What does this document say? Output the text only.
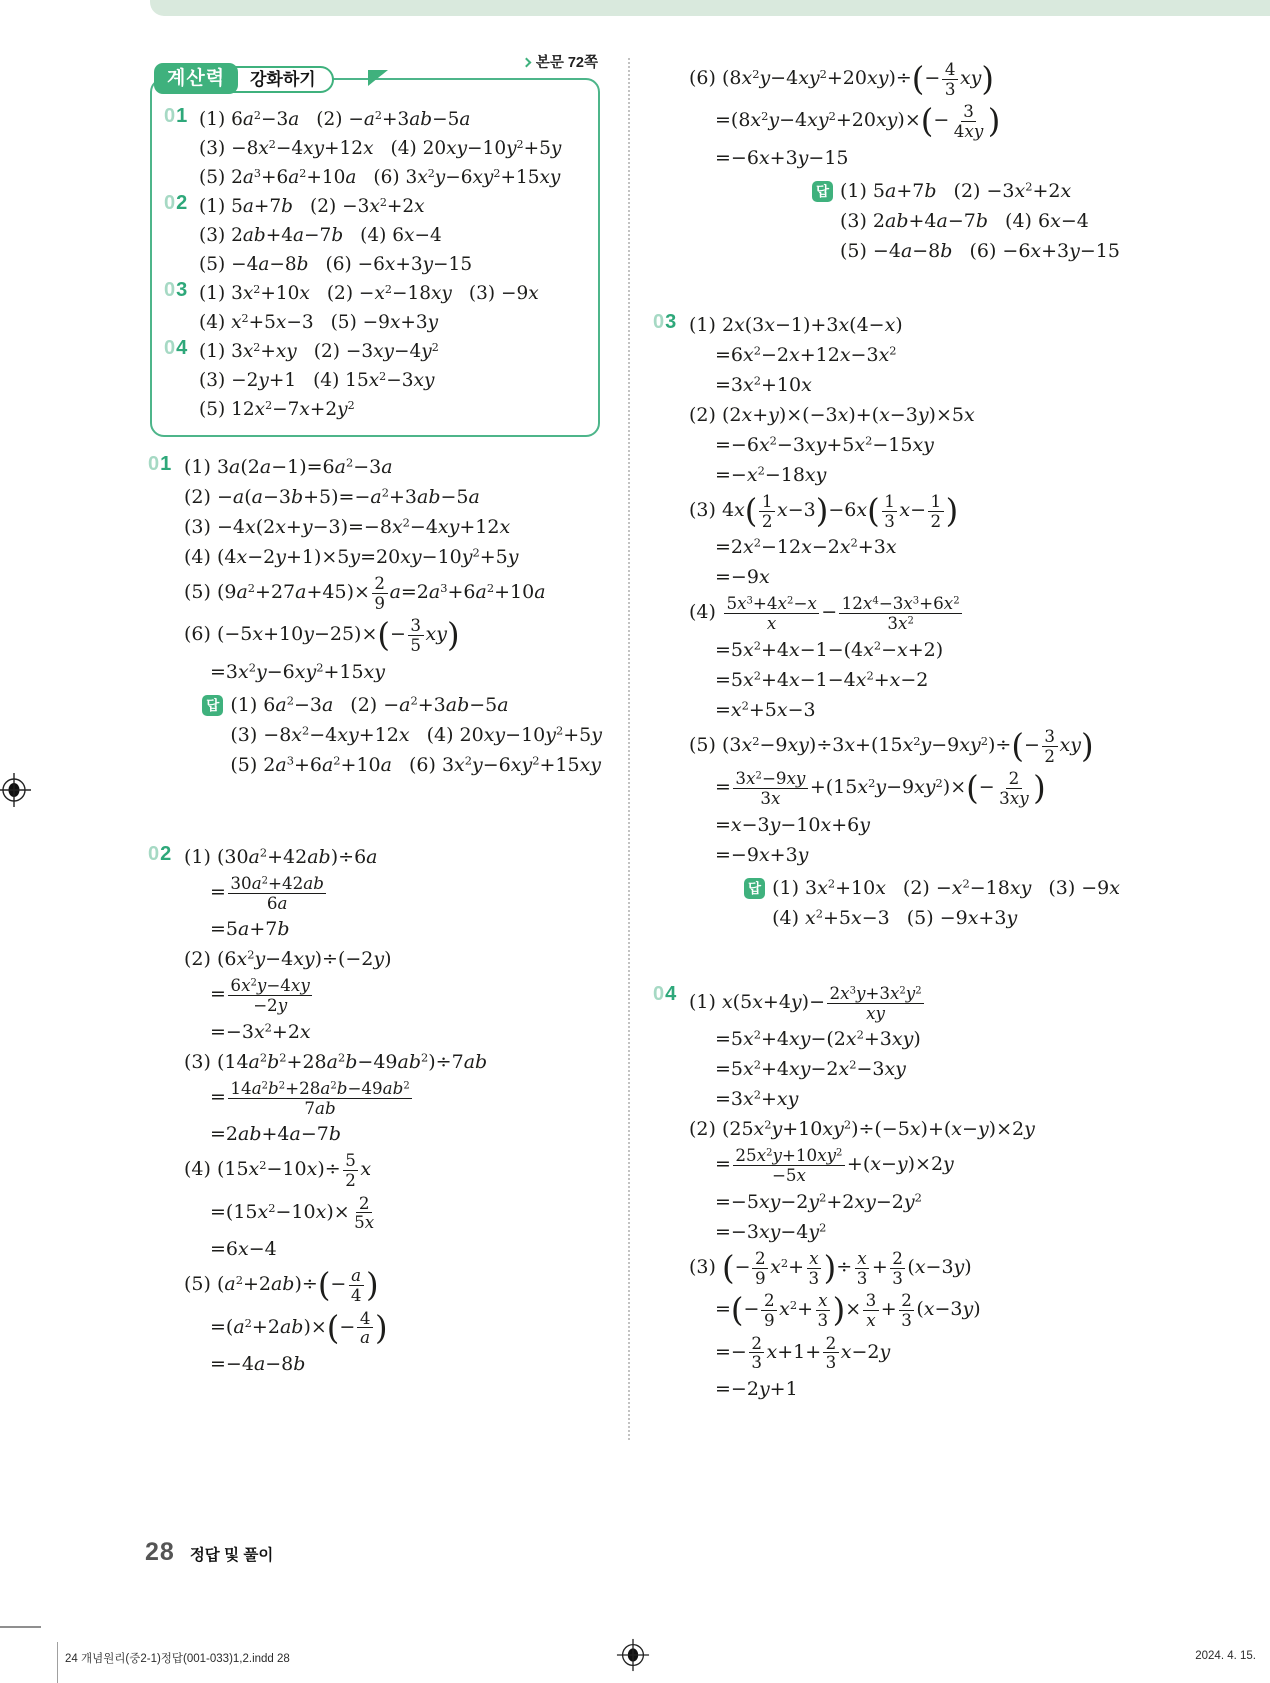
본문 72쪽
계산력	강화하기
01 (1) $6a^2-3a$ $(2) -a^2+3ab-5a$
$(3) -8x^2-4xy+12x$ (4) $20xy-10y^2+5y$
(5) $2a^3+6a^2+10a$ (6) $3x^2y-6xy^2+15xy$
02 (1) 5a+7b $(2) -3x^2+2x$
(3) 2ab+4a−7b (4) 6x−4
(5) −4a−8b (6) −6x+3y−15
03 (1) $3x^2+10x$ $(2) -x^2-18xy$ (3) −9x
(4) $x^2+5x-3$ (5) −9x+3y
04 (1) $3x^2+xy$ $(2) -3xy-4y^2$
(3) −2y+1 (4) $15x^2-3xy$
(5) $12x^2-7x+2y^2$
01 (1) $3a(2a-1)=6a^2-3a$
$(2) -a(a-3b+5)=-a^2+3ab-5a$
$(3) -4x(2x+y-3)=-8x^2-4xy+12x$
(4) $(4x-2y+1)\times 5y=20xy-10y^2+5y$
(5) $(9a^2+27a+45)\times \frac{2}{9} a=2a^3+6a^2+10a$
(6) $(-5x+10y-25)\times(- \frac{3}{5} xy)$
$=3x^2y-6xy^2+15xy$
답 (1) $6a^2-3a$ $(2) -a^2+3ab-5a$
$(3) -8x^2-4xy+12x$ (4) $20xy-10y^2+5y$
(5) $2a^3+6a^2+10a$ (6) $3x^2y-6xy^2+15xy$
02 (1) $(30a^2+42ab)\div 6a$
= $\frac{30a^2+42ab}{6a}$
=5a+7b
(2) $(6x^2y-4xy)\div(-2y)$
= $\frac{6x^2y-4xy}{-2y}$
$=-3x^2+2x$
(3) $(14a^2b^2+28a^2b-49ab^2)\div 7ab$
= $\frac{14a^2b^2+28a^2b-49ab^2}{7ab}$
=2ab+4a−7b
(4) $(15x^2-10x)\div \frac{5}{2}$ x
$=(15x^2-10x)\times \frac{2}{5x}$
=6x−4
(5) $(a^2+2ab)\div(- \frac{a}{4}$ )
$=(a^2+2ab)\times(- \frac{4}{a}$ )
=−4a−8b
(6) $(8x^2y-4xy^2+20xy)\div(- \frac{4}{3} xy)$
$=(8x^2y-4xy^2+20xy)\times(- \frac{3}{4xy}$ )
=−6x+3y−15
답 (1) 5a+7b $(2) -3x^2+2x$
(3) 2ab+4a−7b (4) 6x−4
(5) −4a−8b (6) −6x+3y−15
03 (1) 2x(3x−1)+3x(4−x)
$=6x^2-2x+12x-3x^2$
$=3x^2+10x$
(2) (2x+y)×(−3x)+(x−3y)×5x
$=-6x^2-3xy+5x^2-15xy$
$=-x^2-18xy$
(3) $4x( \frac{1}{2} x-3)-6x( \frac{1}{3} x- \frac{1}{2}$ )
$=2x^2-12x-2x^2+3x$
=−9x
$(4) \frac{5x^3+4x^2-x}{x} - \frac{12x^4-3x^3+6x^2}{3x^2}$
$=5x^2+4x-1-(4x^2-x+2)$
$=5x^2+4x-1-4x^2+x-2$
$=x^2+5x-3$
(5) $(3x^2-9xy)\div 3x+(15x^2y-9xy^2)\div(- \frac{3}{2} xy)$
= $\frac{3x^2-9xy}{3x} +(15x^2y-9xy^2)\times(- \frac{2}{3xy}$ )
=x−3y−10x+6y
=−9x+3y
답 (1) $3x^2+10x$ $(2) -x^2-18xy$ (3) −9x
(4) $x^2+5x-3$ (5) −9x+3y
04 (1) $x(5x+4y)- \frac{2x^3y+3x^2y^2}{xy}$
$=5x^2+4xy-(2x^2+3xy)$
$=5x^2+4xy-2x^2-3xy$
$=3x^2+xy$
(2) $(25x^2y+10xy^2)\div(-5x)+(x-y)\times 2y$
= $\frac{25x^2y+10xy^2}{-5x} +(x-y)\times 2y$
$=-5xy-2y^2+2xy-2y^2$
$=-3xy-4y^2$
(3) (− $\frac{2}{9} x^2+ \frac{x}{3}$ )÷ $\frac{x}{3} + \frac{2}{3} (x-3y)$
=(− $\frac{2}{9} x^2+ \frac{x}{3}$ )× $\frac{3}{x} + \frac{2}{3} (x-3y)$
=− $\frac{2}{3} x+1+ \frac{2}{3} x-2y$
=−2y+1
28 정답 및 풀이
24 개념원리(중2-1)정답(001-033)1,2.indd 28	2024. 4. 15.
